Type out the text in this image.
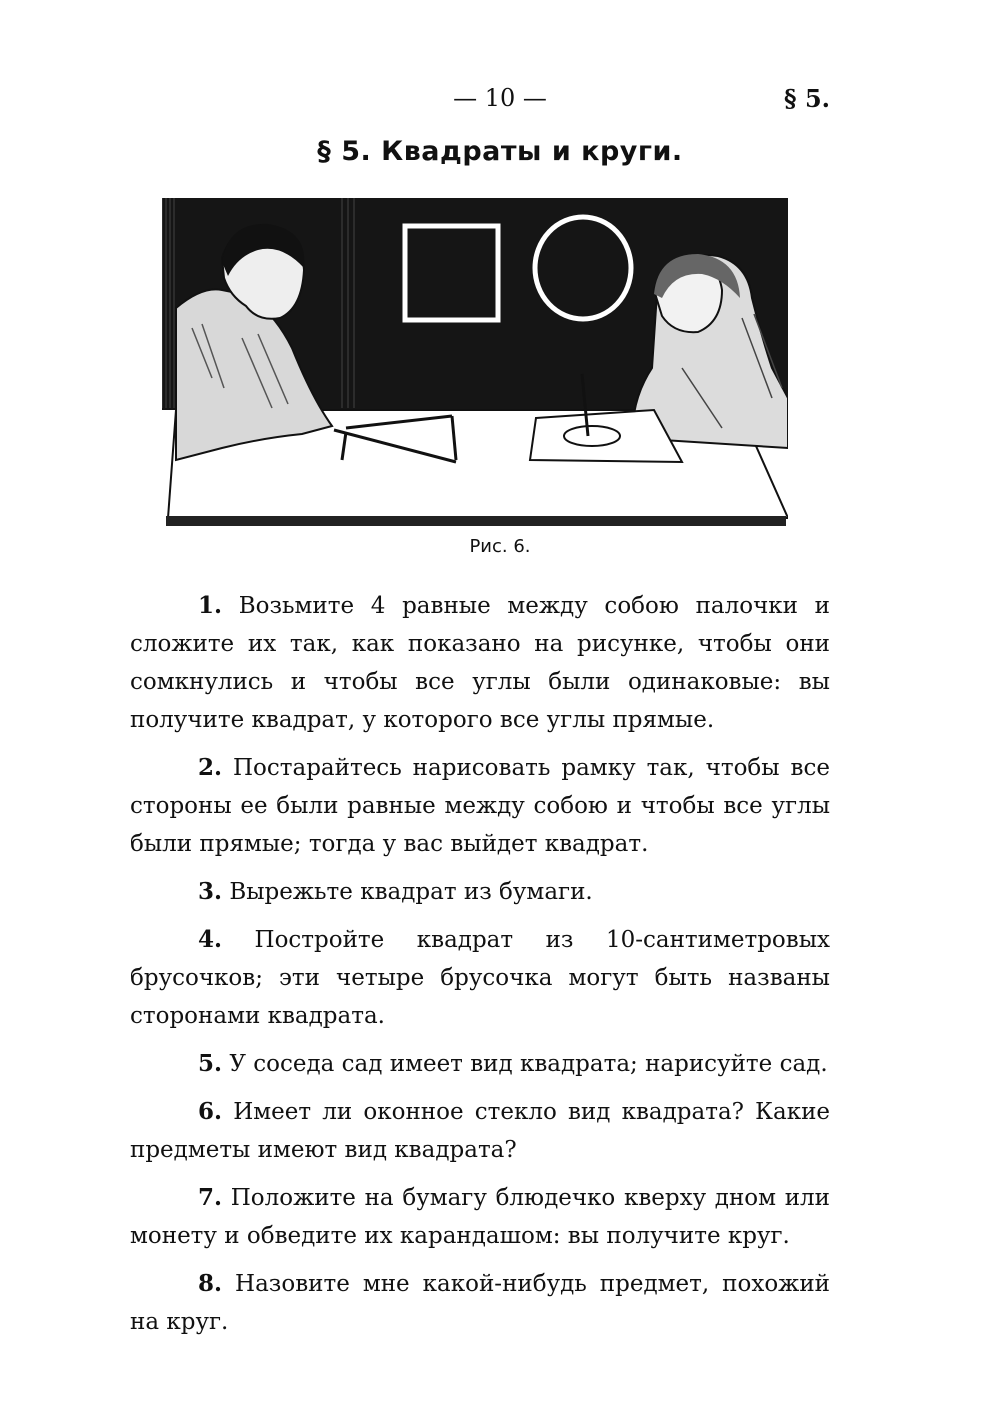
— 10 —	§ 5.
§ 5. Квадраты и круги.
Рис. 6.

1. Возьмите 4 равные между собою палочки и сложите их так, как показано на рисунке, чтобы они сомкнулись и чтобы все углы были одинаковые: вы получите квадрат, у которого все углы прямые.

2. Постарайтесь нарисовать рамку так, чтобы все стороны ее были равные между собою и чтобы все углы были прямые; тогда у вас выйдет квадрат.

3. Вырежьте квадрат из бумаги.

4. Постройте квадрат из 10-сантиметровых брусочков; эти четыре брусочка могут быть названы сторонами квадрата.

5. У соседа сад имеет вид квадрата; нарисуйте сад.

6. Имеет ли оконное стекло вид квадрата? Какие предметы имеют вид квадрата?

7. Положите на бумагу блюдечко кверху дном или монету и обведите их карандашом: вы получите круг.

8. Назовите мне какой-нибудь предмет, похожий на круг.
